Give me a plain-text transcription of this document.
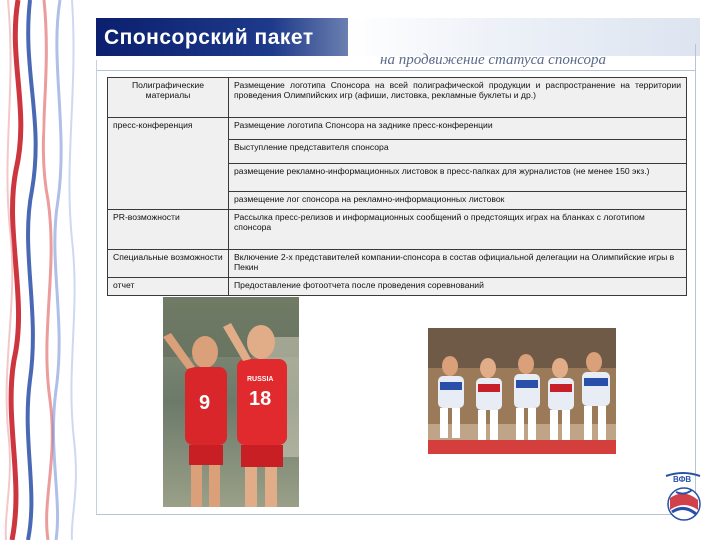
Спонсорский пакет
на продвижение статуса спонсора
Полиграфические материалы	Размещение логотипа Спонсора на всей полиграфической продукции и распространение на территории проведения Олимпийских игр (афиши, листовка, рекламные буклеты и др.)
пресс-конференция	Размещение логотипа Спонсора на заднике пресс-конференции
	Выступление представителя спонсора
	размещение рекламно-информационных листовок в пресс-папках для журналистов (не менее 150 экз.)
	размещение лог спонсора на рекламно-информационных листовок
PR-возможности	Рассылка пресс-релизов и информационных сообщений о предстоящих играх на бланках с логотипом спонсора
Специальные возможности	Включение 2-х представителей компании-спонсора в состав официальной делегации на Олимпийские игры в Пекин
отчет	Предоставление фотоотчета после проведения соревнований
9
RUSSIA
18
ВФВ
